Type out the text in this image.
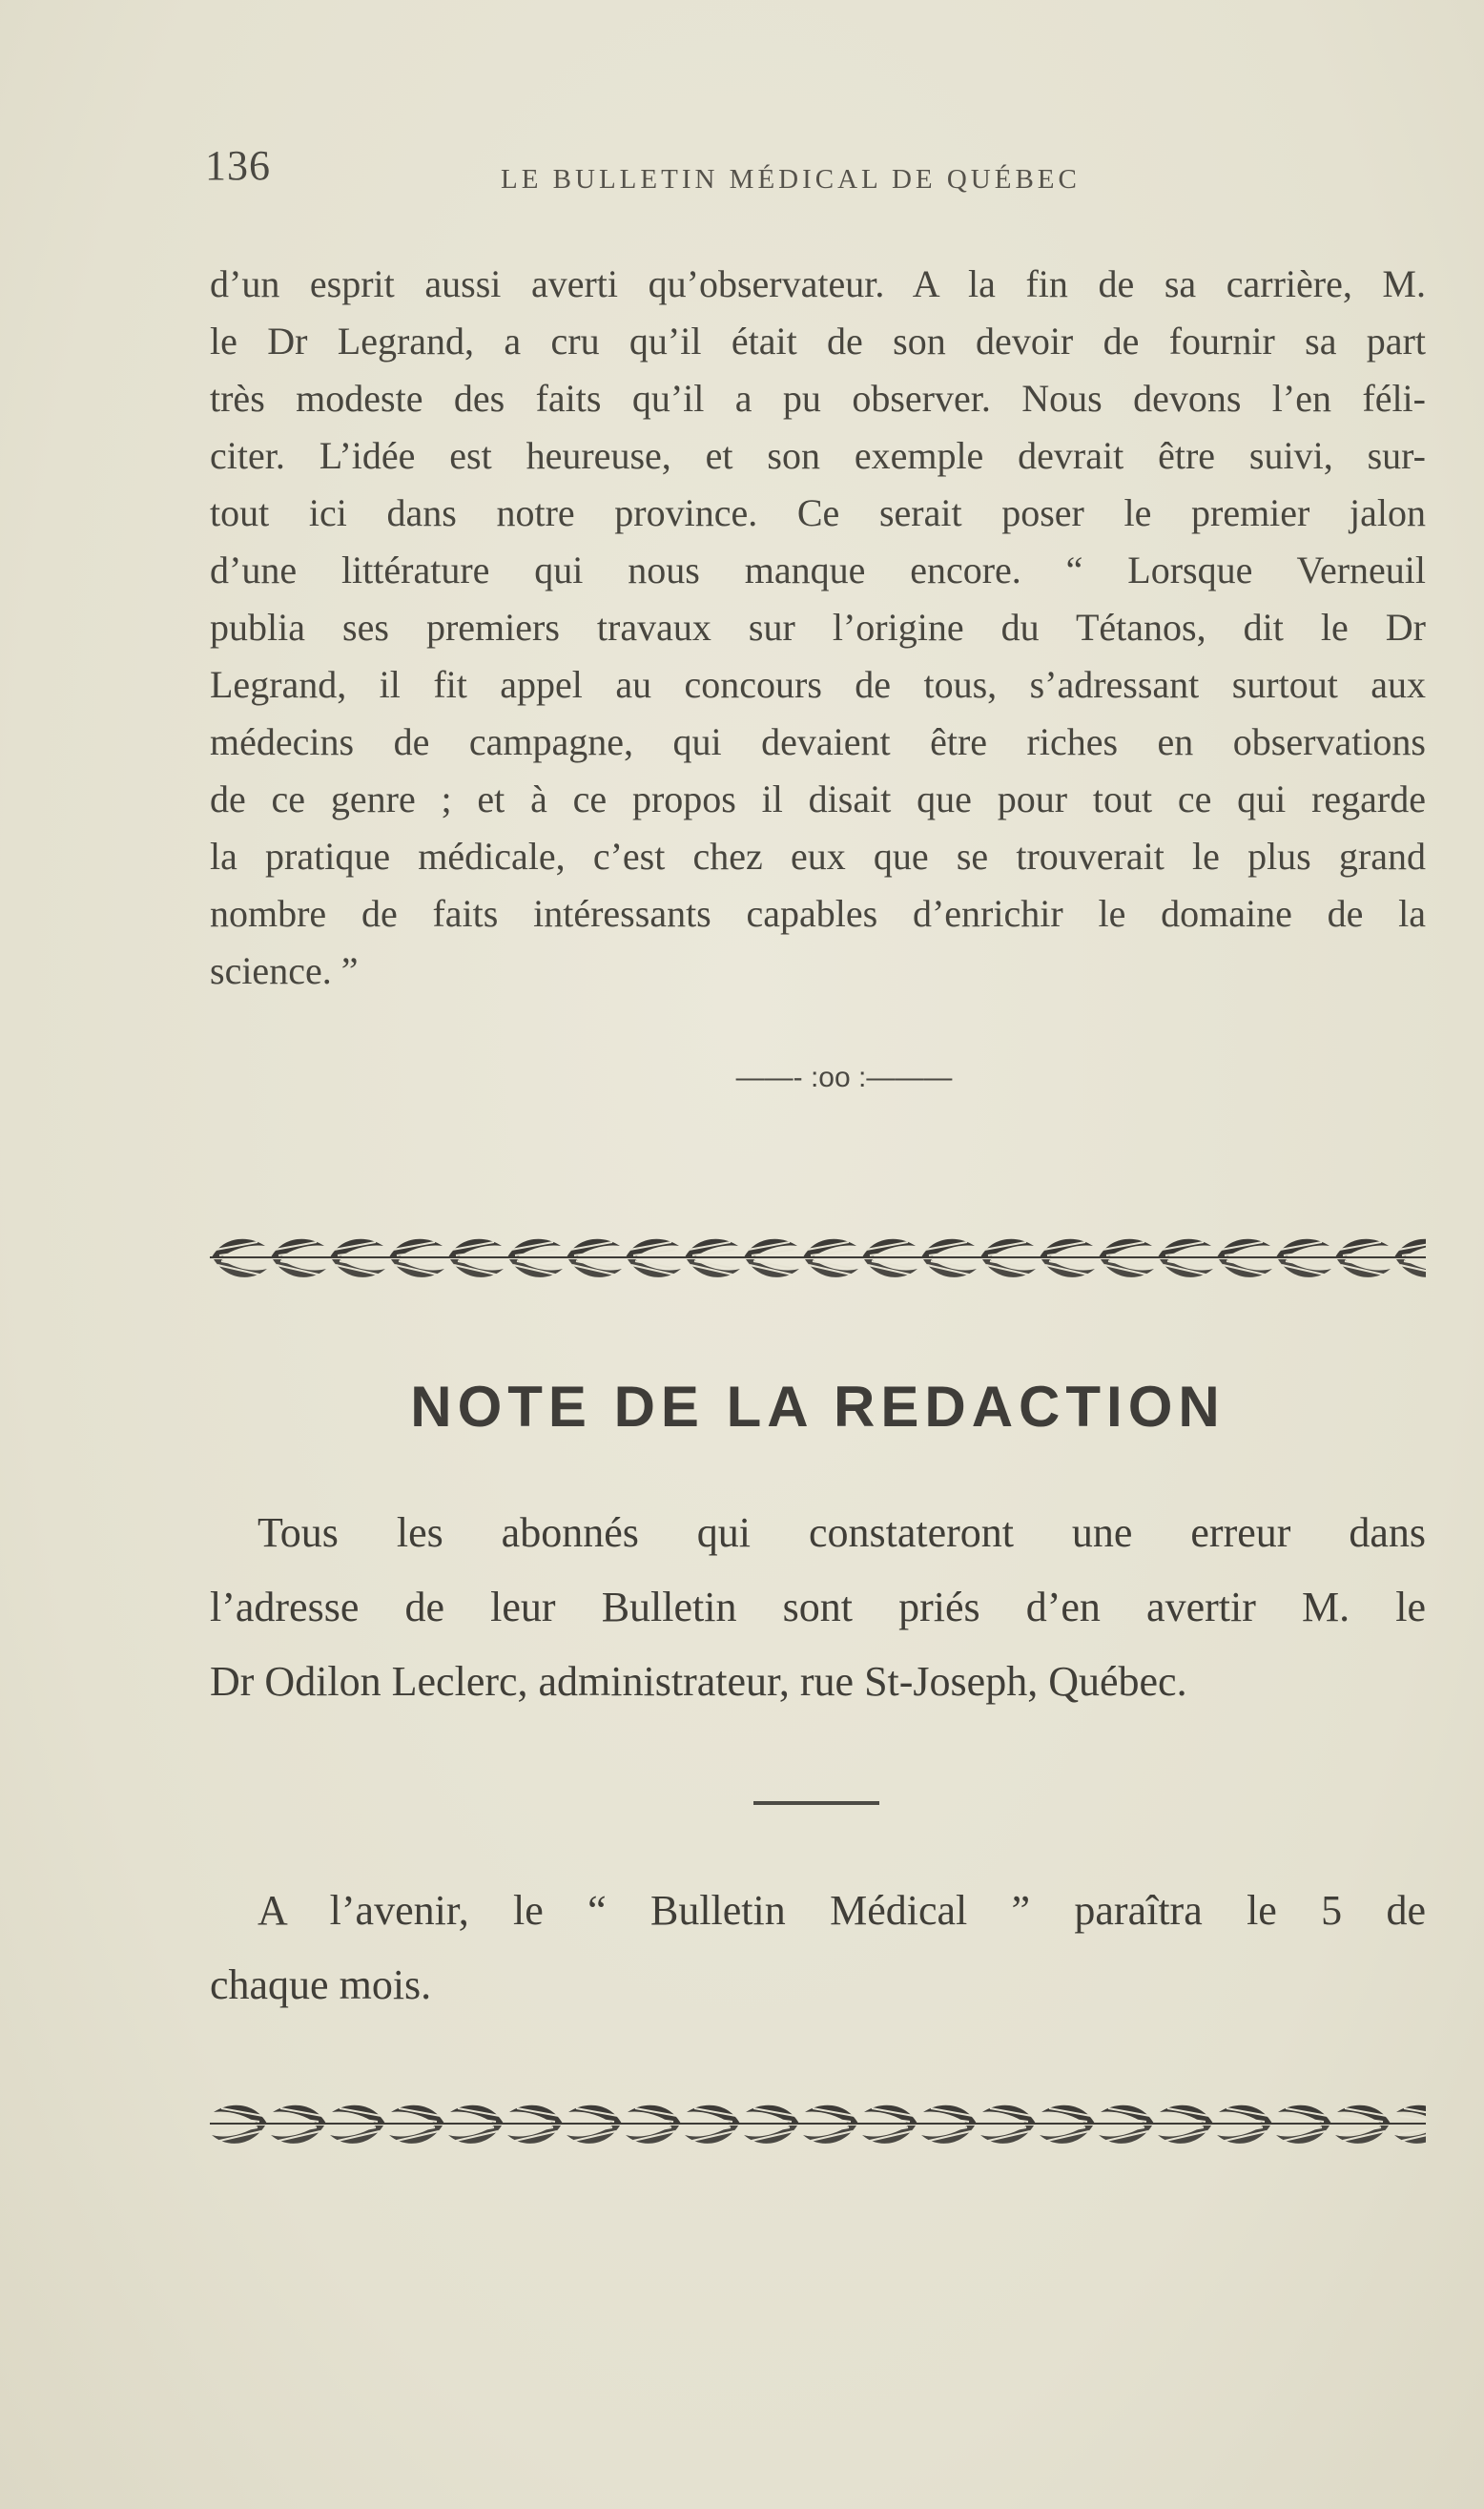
136	LE BULLETIN MÉDICAL DE QUÉBEC
d’un esprit aussi averti qu’observateur. A la fin de sa carrière, M.
le Dr Legrand, a cru qu’il était de son devoir de fournir sa part
très modeste des faits qu’il a pu observer. Nous devons l’en féli-
citer. L’idée est heureuse, et son exemple devrait être suivi, sur-
tout ici dans notre province. Ce serait poser le premier jalon
d’une littérature qui nous manque encore. “ Lorsque Verneuil
publia ses premiers travaux sur l’origine du Tétanos, dit le Dr
Legrand, il fit appel au concours de tous, s’adressant surtout aux
médecins de campagne, qui devaient être riches en observations
de ce genre ; et à ce propos il disait que pour tout ce qui regarde
la pratique médicale, c’est chez eux que se trouverait le plus grand
nombre de faits intéressants capables d’enrichir le domaine de la
science. ”
——- :oo :———
NOTE DE LA REDACTION
Tous les abonnés qui constateront une erreur dans
l’adresse de leur Bulletin sont priés d’en avertir M. le
Dr Odilon Leclerc, administrateur, rue St-Joseph, Québec.
A l’avenir, le “ Bulletin Médical ” paraîtra le 5 de
chaque mois.
